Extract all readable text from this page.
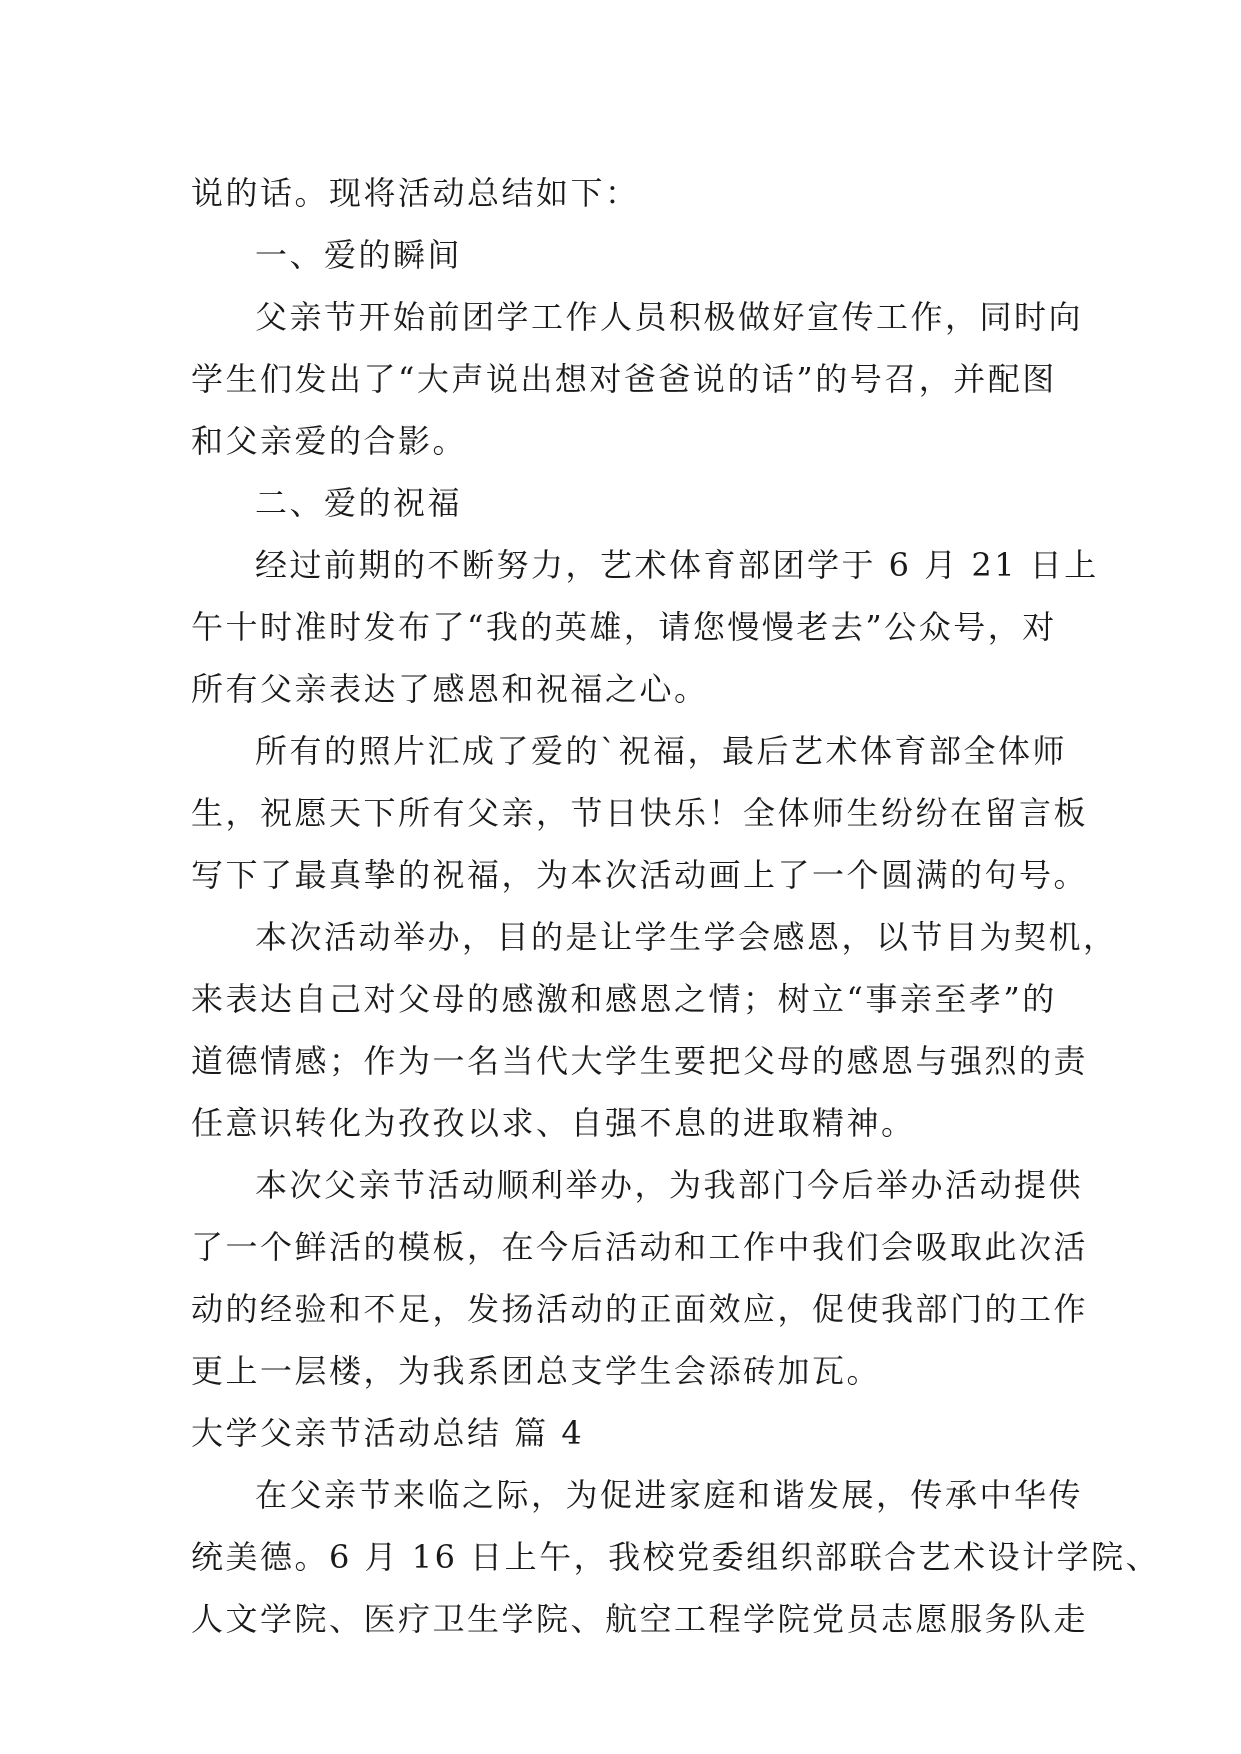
说的话。现将活动总结如下：
一、爱的瞬间
父亲节开始前团学工作人员积极做好宣传工作，同时向
学生们发出了“大声说出想对爸爸说的话”的号召，并配图
和父亲爱的合影。
二、爱的祝福
经过前期的不断努力，艺术体育部团学于 6 月 21 日上
午十时准时发布了“我的英雄，请您慢慢老去”公众号，对
所有父亲表达了感恩和祝福之心。
所有的照片汇成了爱的`祝福，最后艺术体育部全体师
生，祝愿天下所有父亲，节日快乐！全体师生纷纷在留言板
写下了最真挚的祝福，为本次活动画上了一个圆满的句号。
本次活动举办，目的是让学生学会感恩，以节目为契机，
来表达自己对父母的感激和感恩之情；树立“事亲至孝”的
道德情感；作为一名当代大学生要把父母的感恩与强烈的责
任意识转化为孜孜以求、自强不息的进取精神。
本次父亲节活动顺利举办，为我部门今后举办活动提供
了一个鲜活的模板，在今后活动和工作中我们会吸取此次活
动的经验和不足，发扬活动的正面效应，促使我部门的工作
更上一层楼，为我系团总支学生会添砖加瓦。
大学父亲节活动总结 篇 4
在父亲节来临之际，为促进家庭和谐发展，传承中华传
统美德。6 月 16 日上午，我校党委组织部联合艺术设计学院、
人文学院、医疗卫生学院、航空工程学院党员志愿服务队走
